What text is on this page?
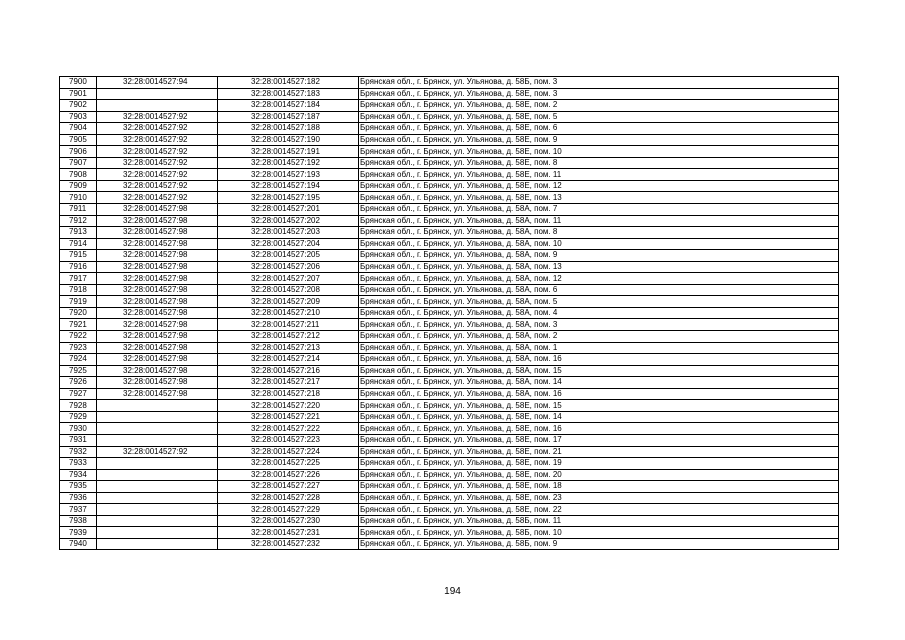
7900	32:28:0014527:94	32:28:0014527:182	Брянская обл., г. Брянск, ул. Ульянова, д. 58Б, пом. 3
7901		32:28:0014527:183	Брянская обл., г. Брянск, ул. Ульянова, д. 58Е, пом. 3
7902		32:28:0014527:184	Брянская обл., г. Брянск, ул. Ульянова, д. 58Е, пом. 2
7903	32:28:0014527:92	32:28:0014527:187	Брянская обл., г. Брянск, ул. Ульянова, д. 58Е, пом. 5
7904	32:28:0014527:92	32:28:0014527:188	Брянская обл., г. Брянск, ул. Ульянова, д. 58Е, пом. 6
7905	32:28:0014527:92	32:28:0014527:190	Брянская обл., г. Брянск, ул. Ульянова, д. 58Е, пом. 9
7906	32:28:0014527:92	32:28:0014527:191	Брянская обл., г. Брянск, ул. Ульянова, д. 58Е, пом. 10
7907	32:28:0014527:92	32:28:0014527:192	Брянская обл., г. Брянск, ул. Ульянова, д. 58Е, пом. 8
7908	32:28:0014527:92	32:28:0014527:193	Брянская обл., г. Брянск, ул. Ульянова, д. 58Е, пом. 11
7909	32:28:0014527:92	32:28:0014527:194	Брянская обл., г. Брянск, ул. Ульянова, д. 58Е, пом. 12
7910	32:28:0014527:92	32:28:0014527:195	Брянская обл., г. Брянск, ул. Ульянова, д. 58Е, пом. 13
7911	32:28:0014527:98	32:28:0014527:201	Брянская обл., г. Брянск, ул. Ульянова, д. 58А, пом. 7
7912	32:28:0014527:98	32:28:0014527:202	Брянская обл., г. Брянск, ул. Ульянова, д. 58А, пом. 11
7913	32:28:0014527:98	32:28:0014527:203	Брянская обл., г. Брянск, ул. Ульянова, д. 58А, пом. 8
7914	32:28:0014527:98	32:28:0014527:204	Брянская обл., г. Брянск, ул. Ульянова, д. 58А, пом. 10
7915	32:28:0014527:98	32:28:0014527:205	Брянская обл., г. Брянск, ул. Ульянова, д. 58А, пом. 9
7916	32:28:0014527:98	32:28:0014527:206	Брянская обл., г. Брянск, ул. Ульянова, д. 58А, пом. 13
7917	32:28:0014527:98	32:28:0014527:207	Брянская обл., г. Брянск, ул. Ульянова, д. 58А, пом. 12
7918	32:28:0014527:98	32:28:0014527:208	Брянская обл., г. Брянск, ул. Ульянова, д. 58А, пом. 6
7919	32:28:0014527:98	32:28:0014527:209	Брянская обл., г. Брянск, ул. Ульянова, д. 58А, пом. 5
7920	32:28:0014527:98	32:28:0014527:210	Брянская обл., г. Брянск, ул. Ульянова, д. 58А, пом. 4
7921	32:28:0014527:98	32:28:0014527:211	Брянская обл., г. Брянск, ул. Ульянова, д. 58А, пом. 3
7922	32:28:0014527:98	32:28:0014527:212	Брянская обл., г. Брянск, ул. Ульянова, д. 58А, пом. 2
7923	32:28:0014527:98	32:28:0014527:213	Брянская обл., г. Брянск, ул. Ульянова, д. 58А, пом. 1
7924	32:28:0014527:98	32:28:0014527:214	Брянская обл., г. Брянск, ул. Ульянова, д. 58А, пом. 16
7925	32:28:0014527:98	32:28:0014527:216	Брянская обл., г. Брянск, ул. Ульянова, д. 58А, пом. 15
7926	32:28:0014527:98	32:28:0014527:217	Брянская обл., г. Брянск, ул. Ульянова, д. 58А, пом. 14
7927	32:28:0014527:98	32:28:0014527:218	Брянская обл., г. Брянск, ул. Ульянова, д. 58А, пом. 16
7928		32:28:0014527:220	Брянская обл., г. Брянск, ул. Ульянова, д. 58Е, пом. 15
7929		32:28:0014527:221	Брянская обл., г. Брянск, ул. Ульянова, д. 58Е, пом. 14
7930		32:28:0014527:222	Брянская обл., г. Брянск, ул. Ульянова, д. 58Е, пом. 16
7931		32:28:0014527:223	Брянская обл., г. Брянск, ул. Ульянова, д. 58Е, пом. 17
7932	32:28:0014527:92	32:28:0014527:224	Брянская обл., г. Брянск, ул. Ульянова, д. 58Е, пом. 21
7933		32:28:0014527:225	Брянская обл., г. Брянск, ул. Ульянова, д. 58Е, пом. 19
7934		32:28:0014527:226	Брянская обл., г. Брянск, ул. Ульянова, д. 58Е, пом. 20
7935		32:28:0014527:227	Брянская обл., г. Брянск, ул. Ульянова, д. 58Е, пом. 18
7936		32:28:0014527:228	Брянская обл., г. Брянск, ул. Ульянова, д. 58Е, пом. 23
7937		32:28:0014527:229	Брянская обл., г. Брянск, ул. Ульянова, д. 58Е, пом. 22
7938		32:28:0014527:230	Брянская обл., г. Брянск, ул. Ульянова, д. 58Б, пом. 11
7939		32:28:0014527:231	Брянская обл., г. Брянск, ул. Ульянова, д. 58Б, пом. 10
7940		32:28:0014527:232	Брянская обл., г. Брянск, ул. Ульянова, д. 58Б, пом. 9
194
